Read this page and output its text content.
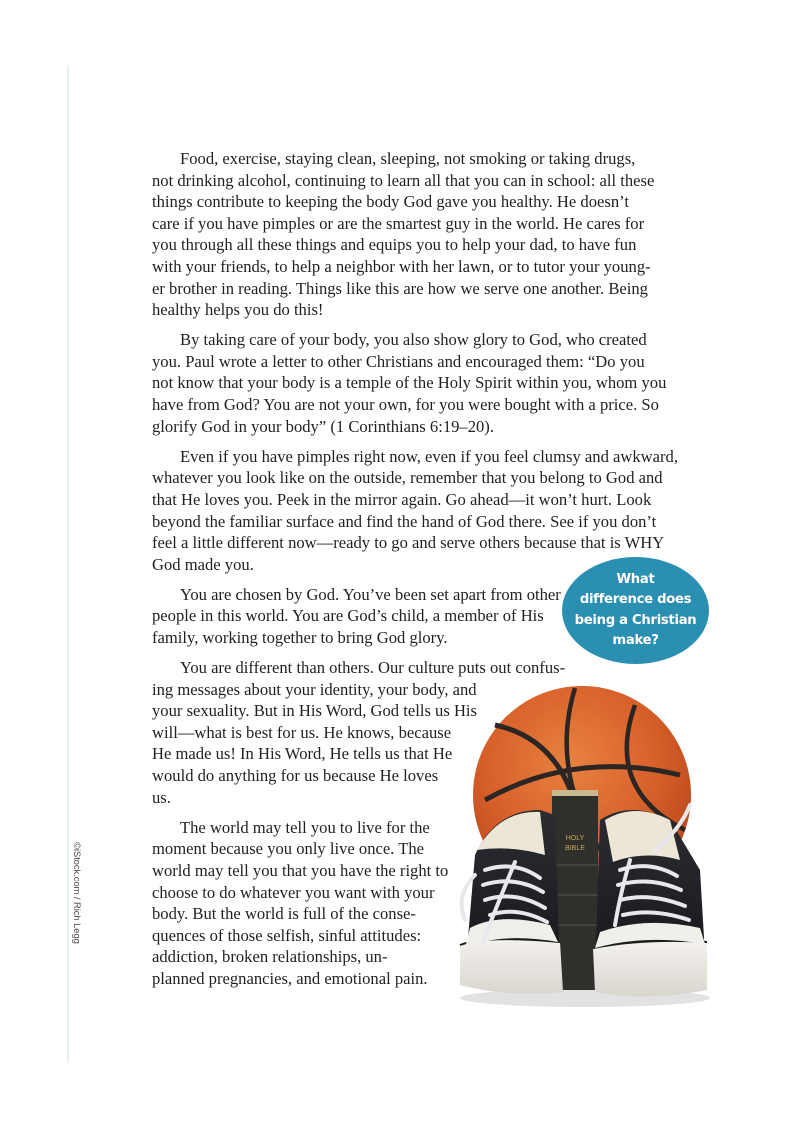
©iStock.com / Rich Legg

Food, exercise, staying clean, sleeping, not smoking or taking drugs,
not drinking alcohol, continuing to learn all that you can in school: all these
things contribute to keeping the body God gave you healthy. He doesn’t
care if you have pimples or are the smartest guy in the world. He cares for
you through all these things and equips you to help your dad, to have fun
with your friends, to help a neighbor with her lawn, or to tutor your young-
er brother in reading. Things like this are how we serve one another. Being
healthy helps you do this!

By taking care of your body, you also show glory to God, who created
you. Paul wrote a letter to other Christians and encouraged them: “Do you
not know that your body is a temple of the Holy Spirit within you, whom you
have from God? You are not your own, for you were bought with a price. So
glorify God in your body” (1 Corinthians 6:19–20).

Even if you have pimples right now, even if you feel clumsy and awkward,
whatever you look like on the outside, remember that you belong to God and
that He loves you. Peek in the mirror again. Go ahead—it won’t hurt. Look
beyond the familiar surface and find the hand of God there. See if you don’t
feel a little different now—ready to go and serve others because that is WHY
God made you.

You are chosen by God. You’ve been set apart from other
people in this world. You are God’s child, a member of His
family, working together to bring God glory.

You are different than others. Our culture puts out confus-
ing messages about your identity, your body, and
your sexuality. But in His Word, God tells us His
will—what is best for us. He knows, because
He made us! In His Word, He tells us that He
would do anything for us because He loves
us.

The world may tell you to live for the
moment because you only live once. The
world may tell you that you have the right to
choose to do whatever you want with your
body. But the world is full of the conse-
quences of those selfish, sinful attitudes:
addiction, broken relationships, un-
planned pregnancies, and emotional pain.

What
difference does
being a Christian
make?
HOLY
BIBLE
